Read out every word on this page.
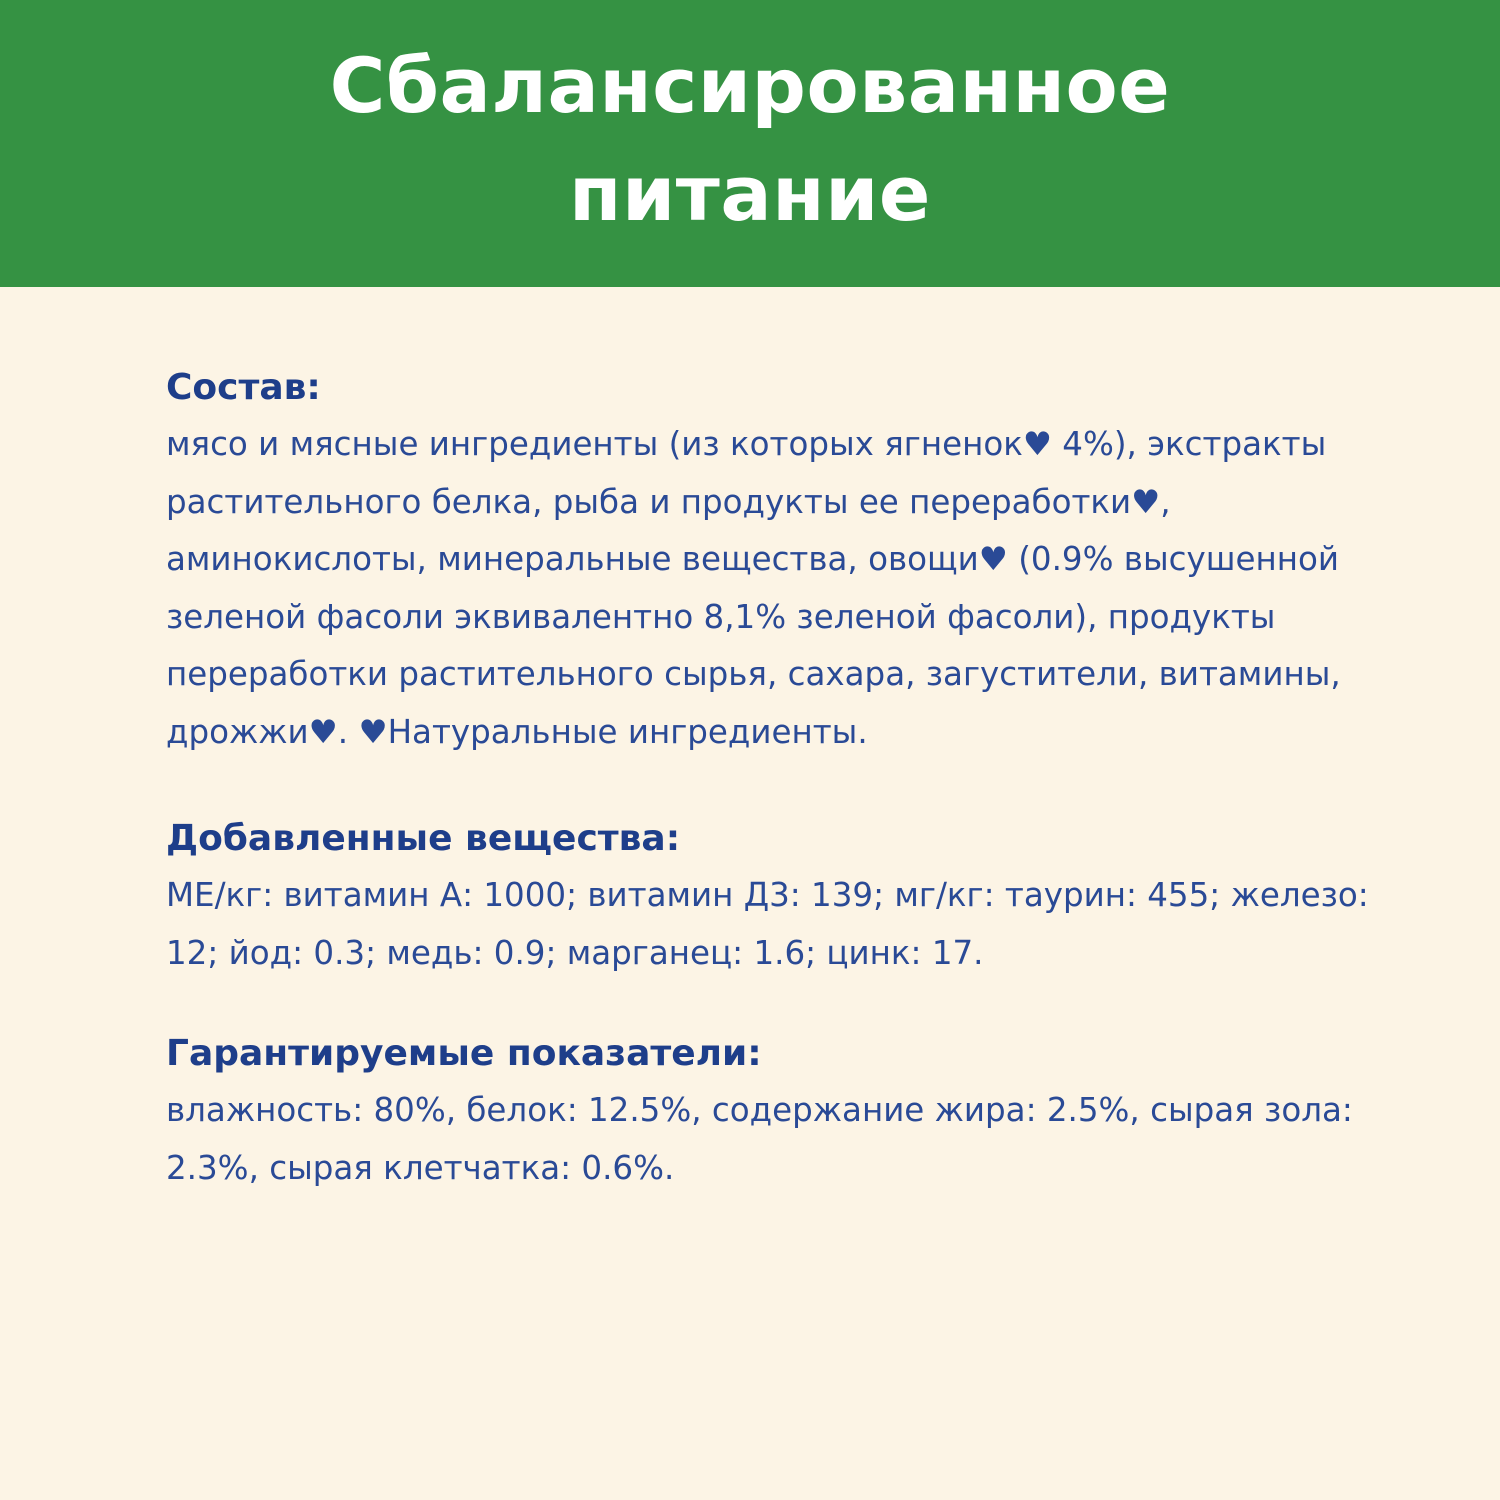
Сбалансированное питание
Состав:

мясо и мясные ингредиенты (из которых ягненок♥ 4%), экстракты растительного белка, рыба и продукты ее переработки♥, аминокислоты, минеральные вещества, овощи♥ (0.9% высушенной зеленой фасоли эквивалентно 8,1% зеленой фасоли), продукты переработки растительного сырья, сахара, загустители, витамины, дрожжи♥. ♥Натуральные ингредиенты.

Добавленные вещества:

МЕ/кг: витамин А: 1000; витамин Д3: 139; мг/кг: таурин: 455; железо: 12; йод: 0.3; медь: 0.9; марганец: 1.6; цинк: 17.

Гарантируемые показатели:

влажность: 80%, белок: 12.5%, содержание жира: 2.5%, сырая зола: 2.3%, сырая клетчатка: 0.6%.
